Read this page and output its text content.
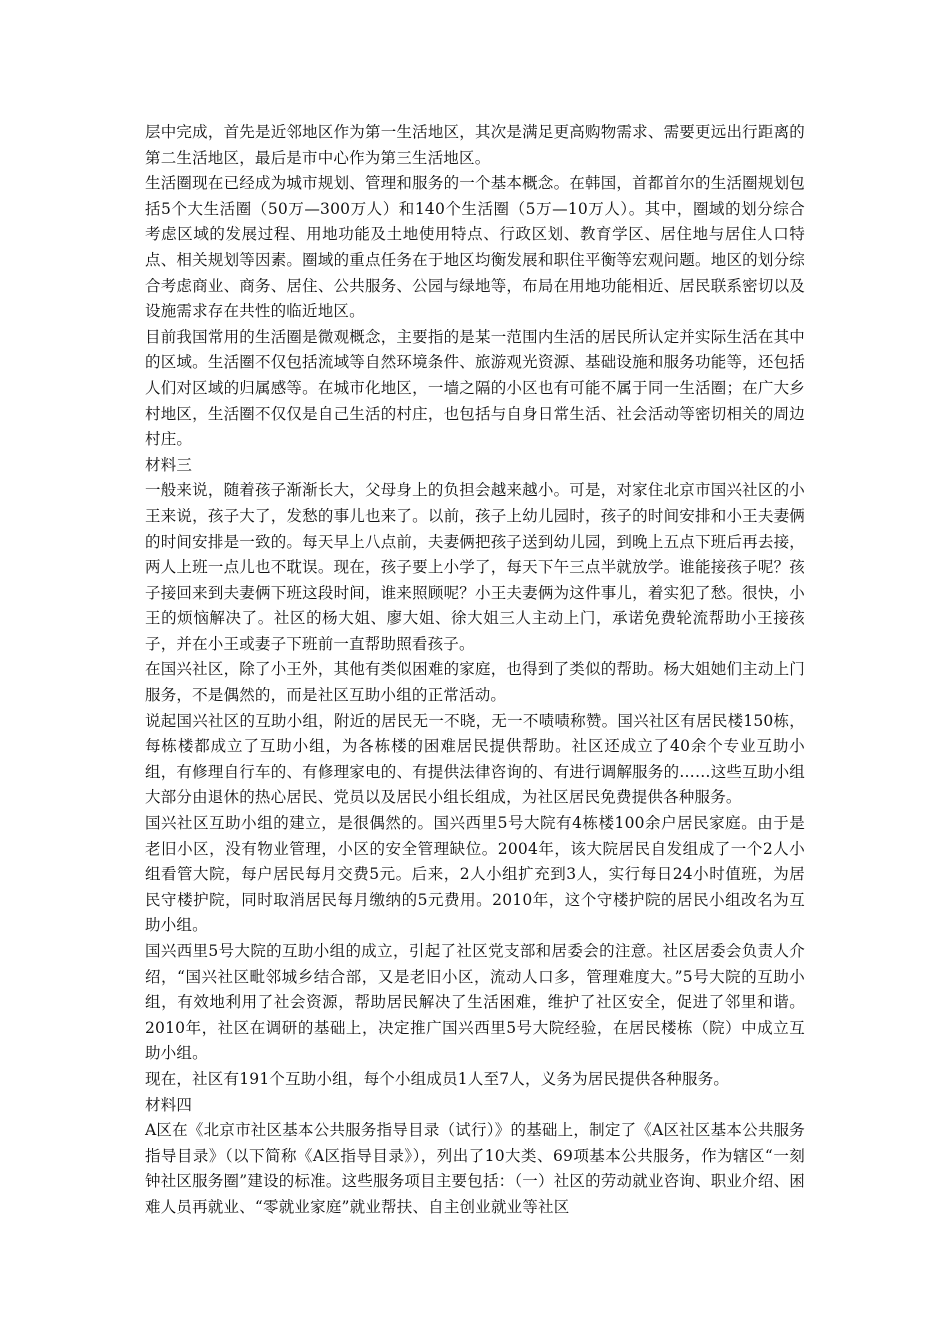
层中完成，首先是近邻地区作为第一生活地区，其次是满足更高购物需求、需要更远出行距离的第二生活地区，最后是市中心作为第三生活地区。

生活圈现在已经成为城市规划、管理和服务的一个基本概念。在韩国，首都首尔的生活圈规划包括5个大生活圈（50万—300万人）和140个生活圈（5万—10万人）。其中，圈域的划分综合考虑区域的发展过程、用地功能及土地使用特点、行政区划、教育学区、居住地与居住人口特点、相关规划等因素。圈域的重点任务在于地区均衡发展和职住平衡等宏观问题。地区的划分综合考虑商业、商务、居住、公共服务、公园与绿地等，布局在用地功能相近、居民联系密切以及设施需求存在共性的临近地区。

目前我国常用的生活圈是微观概念，主要指的是某一范围内生活的居民所认定并实际生活在其中的区域。生活圈不仅包括流域等自然环境条件、旅游观光资源、基础设施和服务功能等，还包括人们对区域的归属感等。在城市化地区，一墙之隔的小区也有可能不属于同一生活圈；在广大乡村地区，生活圈不仅仅是自己生活的村庄，也包括与自身日常生活、社会活动等密切相关的周边村庄。

材料三

一般来说，随着孩子渐渐长大，父母身上的负担会越来越小。可是，对家住北京市国兴社区的小王来说，孩子大了，发愁的事儿也来了。以前，孩子上幼儿园时，孩子的时间安排和小王夫妻俩的时间安排是一致的。每天早上八点前，夫妻俩把孩子送到幼儿园，到晚上五点下班后再去接，两人上班一点儿也不耽误。现在，孩子要上小学了，每天下午三点半就放学。谁能接孩子呢？孩子接回来到夫妻俩下班这段时间，谁来照顾呢？小王夫妻俩为这件事儿，着实犯了愁。很快，小王的烦恼解决了。社区的杨大姐、廖大姐、徐大姐三人主动上门，承诺免费轮流帮助小王接孩子，并在小王或妻子下班前一直帮助照看孩子。

在国兴社区，除了小王外，其他有类似困难的家庭，也得到了类似的帮助。杨大姐她们主动上门服务，不是偶然的，而是社区互助小组的正常活动。

说起国兴社区的互助小组，附近的居民无一不晓，无一不啧啧称赞。国兴社区有居民楼150栋，每栋楼都成立了互助小组，为各栋楼的困难居民提供帮助。社区还成立了40余个专业互助小组，有修理自行车的、有修理家电的、有提供法律咨询的、有进行调解服务的……这些互助小组大部分由退休的热心居民、党员以及居民小组长组成，为社区居民免费提供各种服务。

国兴社区互助小组的建立，是很偶然的。国兴西里5号大院有4栋楼100余户居民家庭。由于是老旧小区，没有物业管理，小区的安全管理缺位。2004年，该大院居民自发组成了一个2人小组看管大院，每户居民每月交费5元。后来，2人小组扩充到3人，实行每日24小时值班，为居民守楼护院，同时取消居民每月缴纳的5元费用。2010年，这个守楼护院的居民小组改名为互助小组。

国兴西里5号大院的互助小组的成立，引起了社区党支部和居委会的注意。社区居委会负责人介绍，“国兴社区毗邻城乡结合部，又是老旧小区，流动人口多，管理难度大。”5号大院的互助小组，有效地利用了社会资源，帮助居民解决了生活困难，维护了社区安全，促进了邻里和谐。2010年，社区在调研的基础上，决定推广国兴西里5号大院经验，在居民楼栋（院）中成立互助小组。

现在，社区有191个互助小组，每个小组成员1人至7人，义务为居民提供各种服务。

材料四

A区在《北京市社区基本公共服务指导目录（试行）》的基础上，制定了《A区社区基本公共服务指导目录》（以下简称《A区指导目录》），列出了10大类、69项基本公共服务，作为辖区“一刻钟社区服务圈”建设的标准。这些服务项目主要包括：（一）社区的劳动就业咨询、职业介绍、困难人员再就业、“零就业家庭”就业帮扶、自主创业就业等社区
